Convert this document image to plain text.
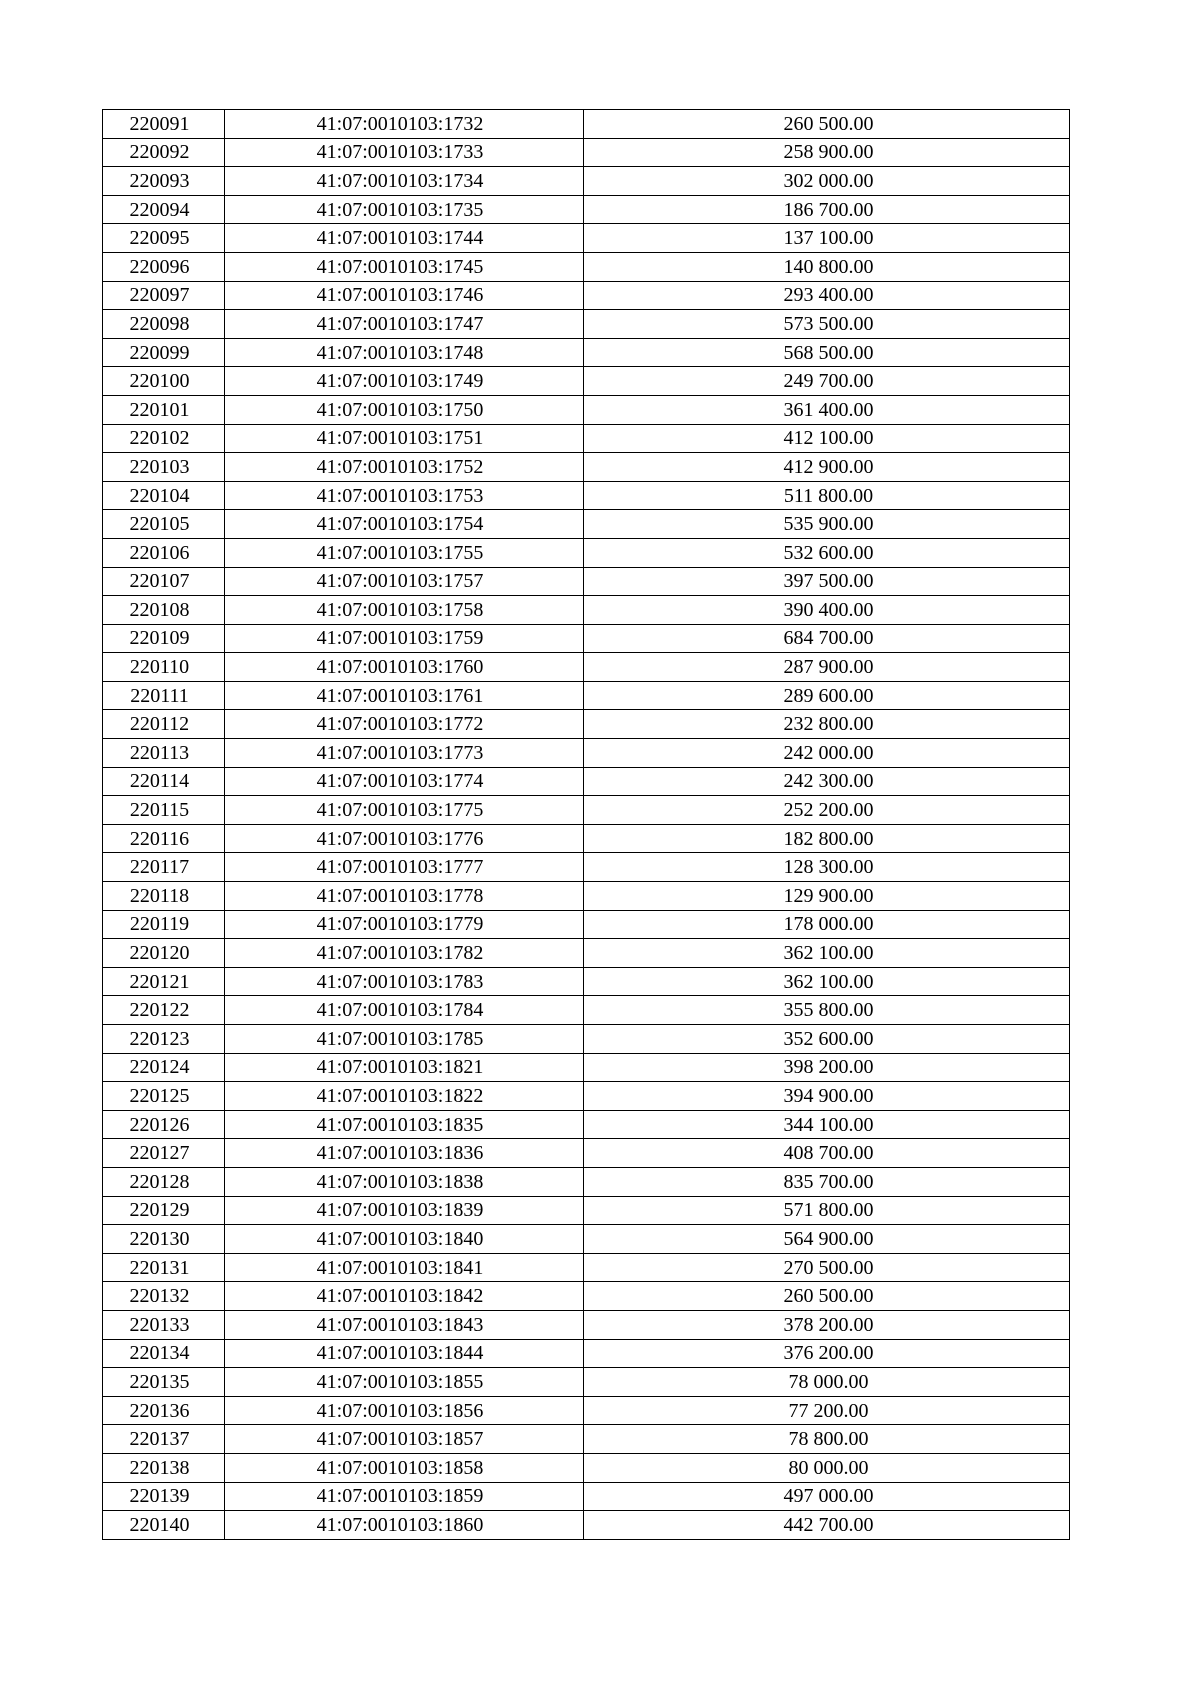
220091	41:07:0010103:1732	260 500.00
220092	41:07:0010103:1733	258 900.00
220093	41:07:0010103:1734	302 000.00
220094	41:07:0010103:1735	186 700.00
220095	41:07:0010103:1744	137 100.00
220096	41:07:0010103:1745	140 800.00
220097	41:07:0010103:1746	293 400.00
220098	41:07:0010103:1747	573 500.00
220099	41:07:0010103:1748	568 500.00
220100	41:07:0010103:1749	249 700.00
220101	41:07:0010103:1750	361 400.00
220102	41:07:0010103:1751	412 100.00
220103	41:07:0010103:1752	412 900.00
220104	41:07:0010103:1753	511 800.00
220105	41:07:0010103:1754	535 900.00
220106	41:07:0010103:1755	532 600.00
220107	41:07:0010103:1757	397 500.00
220108	41:07:0010103:1758	390 400.00
220109	41:07:0010103:1759	684 700.00
220110	41:07:0010103:1760	287 900.00
220111	41:07:0010103:1761	289 600.00
220112	41:07:0010103:1772	232 800.00
220113	41:07:0010103:1773	242 000.00
220114	41:07:0010103:1774	242 300.00
220115	41:07:0010103:1775	252 200.00
220116	41:07:0010103:1776	182 800.00
220117	41:07:0010103:1777	128 300.00
220118	41:07:0010103:1778	129 900.00
220119	41:07:0010103:1779	178 000.00
220120	41:07:0010103:1782	362 100.00
220121	41:07:0010103:1783	362 100.00
220122	41:07:0010103:1784	355 800.00
220123	41:07:0010103:1785	352 600.00
220124	41:07:0010103:1821	398 200.00
220125	41:07:0010103:1822	394 900.00
220126	41:07:0010103:1835	344 100.00
220127	41:07:0010103:1836	408 700.00
220128	41:07:0010103:1838	835 700.00
220129	41:07:0010103:1839	571 800.00
220130	41:07:0010103:1840	564 900.00
220131	41:07:0010103:1841	270 500.00
220132	41:07:0010103:1842	260 500.00
220133	41:07:0010103:1843	378 200.00
220134	41:07:0010103:1844	376 200.00
220135	41:07:0010103:1855	78 000.00
220136	41:07:0010103:1856	77 200.00
220137	41:07:0010103:1857	78 800.00
220138	41:07:0010103:1858	80 000.00
220139	41:07:0010103:1859	497 000.00
220140	41:07:0010103:1860	442 700.00
